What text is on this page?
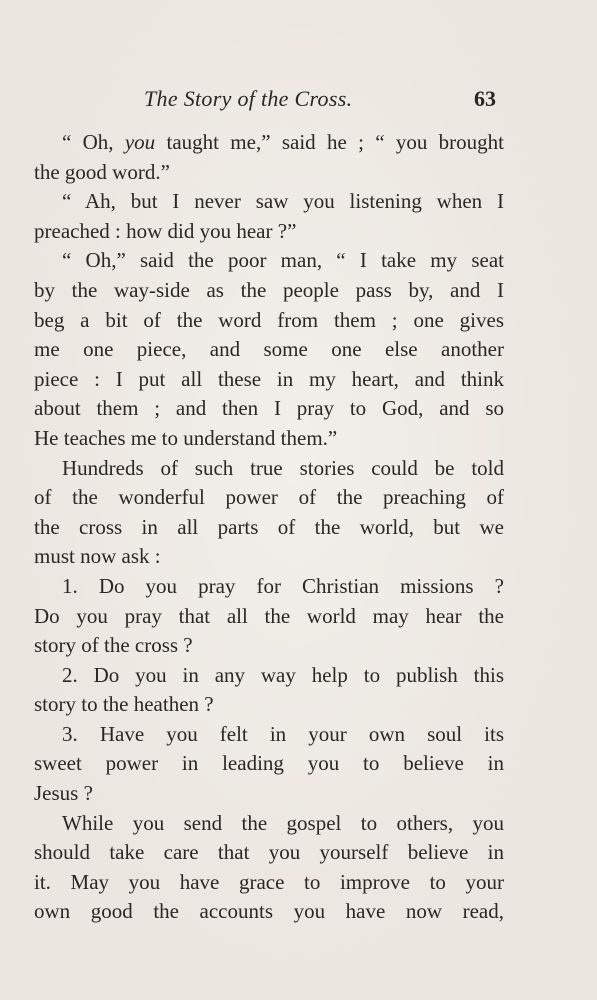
The Story of the Cross.	63
“ Oh, you taught me,” said he ; “ you brought
the good word.”
“ Ah, but I never saw you listening when I
preached : how did you hear ?”
“ Oh,” said the poor man, “ I take my seat
by the way-side as the people pass by, and I
beg a bit of the word from them ; one gives
me one piece, and some one else another
piece : I put all these in my heart, and think
about them ; and then I pray to God, and so
He teaches me to understand them.”
Hundreds of such true stories could be told
of the wonderful power of the preaching of
the cross in all parts of the world, but we
must now ask :
1. Do you pray for Christian missions ?
Do you pray that all the world may hear the
story of the cross ?
2. Do you in any way help to publish this
story to the heathen ?
3. Have you felt in your own soul its
sweet power in leading you to believe in
Jesus ?
While you send the gospel to others, you
should take care that you yourself believe in
it. May you have grace to improve to your
own good the accounts you have now read,
